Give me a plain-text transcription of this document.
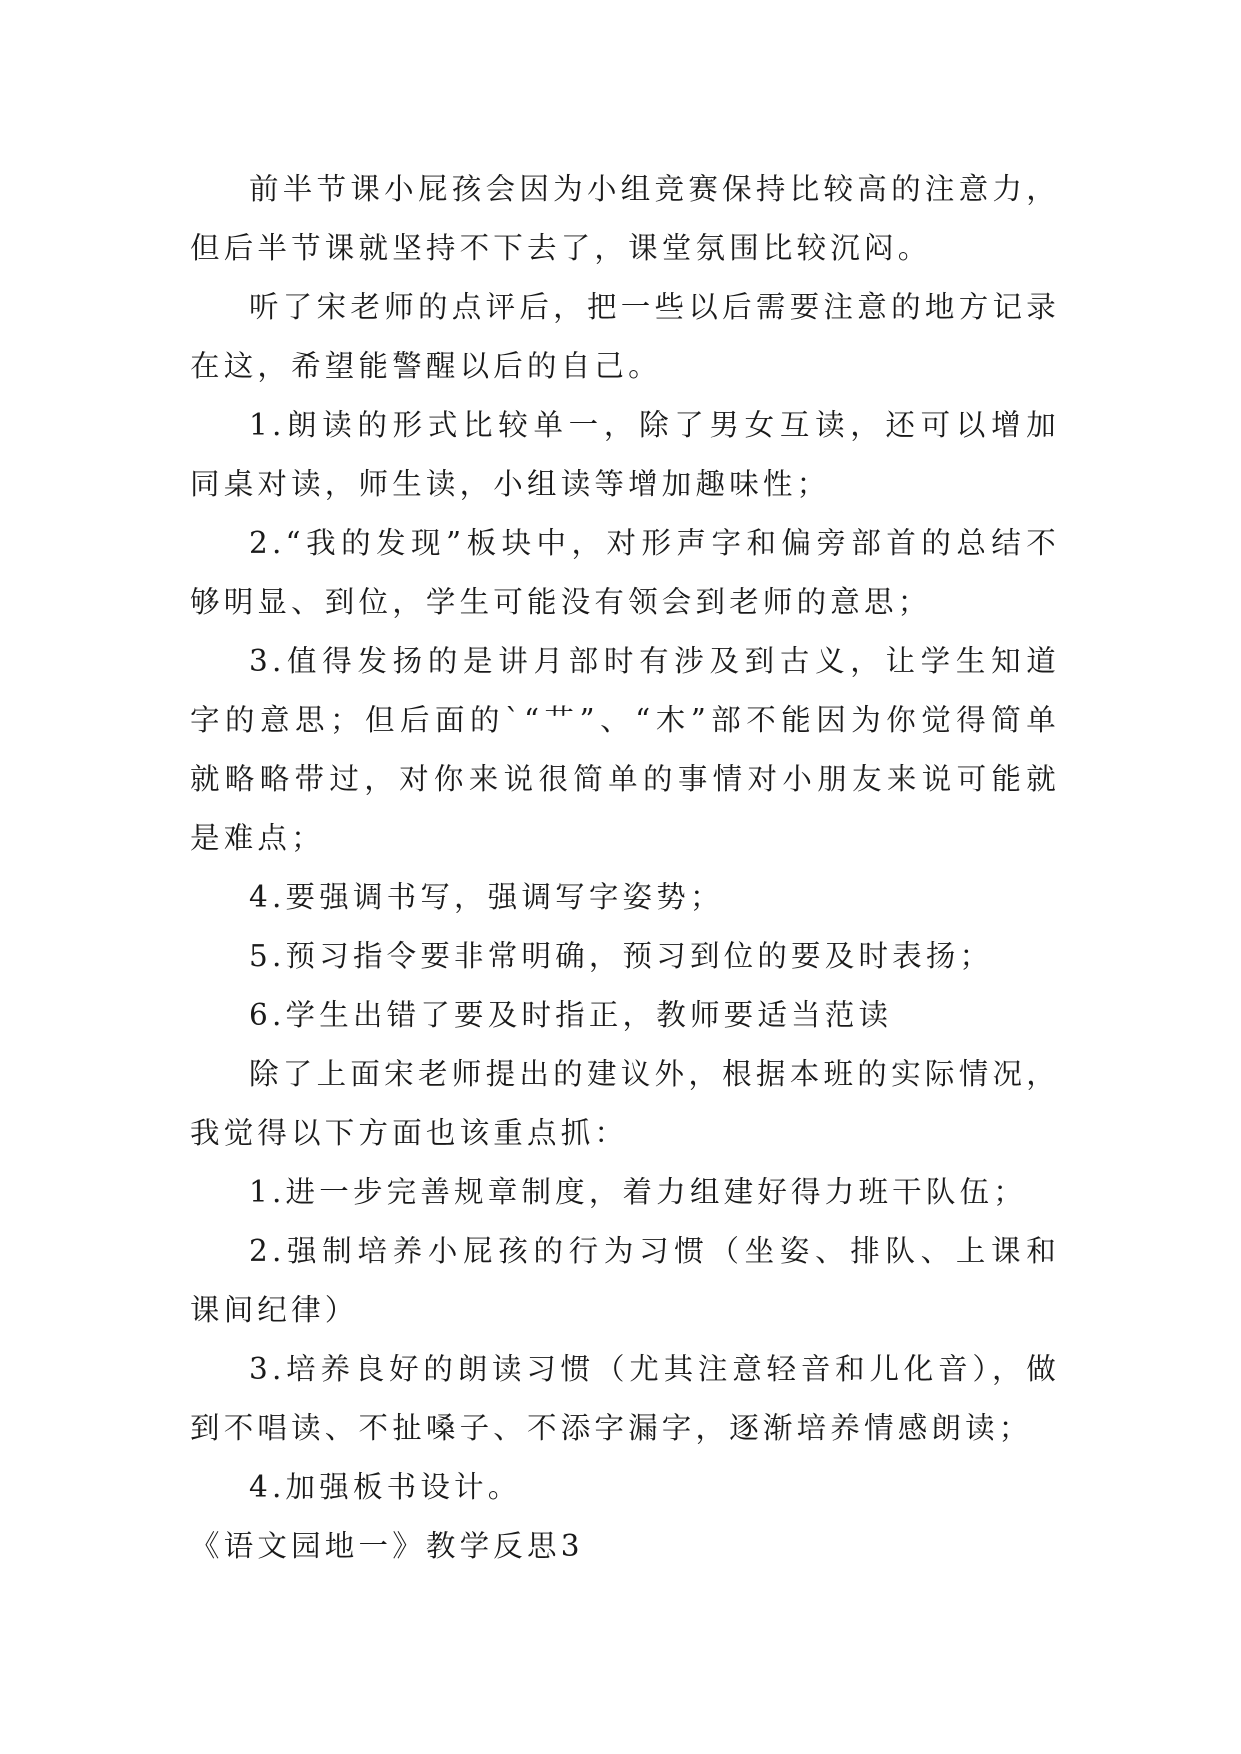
前半节课小屁孩会因为小组竞赛保持比较高的注意力，但后半节课就坚持不下去了，课堂氛围比较沉闷。

听了宋老师的点评后，把一些以后需要注意的地方记录在这，希望能警醒以后的自己。

1.朗读的形式比较单一，除了男女互读，还可以增加同桌对读，师生读，小组读等增加趣味性；

2.“我的发现”板块中，对形声字和偏旁部首的总结不够明显、到位，学生可能没有领会到老师的意思；

3.值得发扬的是讲月部时有涉及到古义，让学生知道字的意思；但后面的`“艹”、“木”部不能因为你觉得简单就略略带过，对你来说很简单的事情对小朋友来说可能就是难点；

4.要强调书写，强调写字姿势；

5.预习指令要非常明确，预习到位的要及时表扬；

6.学生出错了要及时指正，教师要适当范读

除了上面宋老师提出的建议外，根据本班的实际情况，我觉得以下方面也该重点抓：

1.进一步完善规章制度，着力组建好得力班干队伍；

2.强制培养小屁孩的行为习惯（坐姿、排队、上课和课间纪律）

3.培养良好的朗读习惯（尤其注意轻音和儿化音），做到不唱读、不扯嗓子、不添字漏字，逐渐培养情感朗读；

4.加强板书设计。

《语文园地一》教学反思3
